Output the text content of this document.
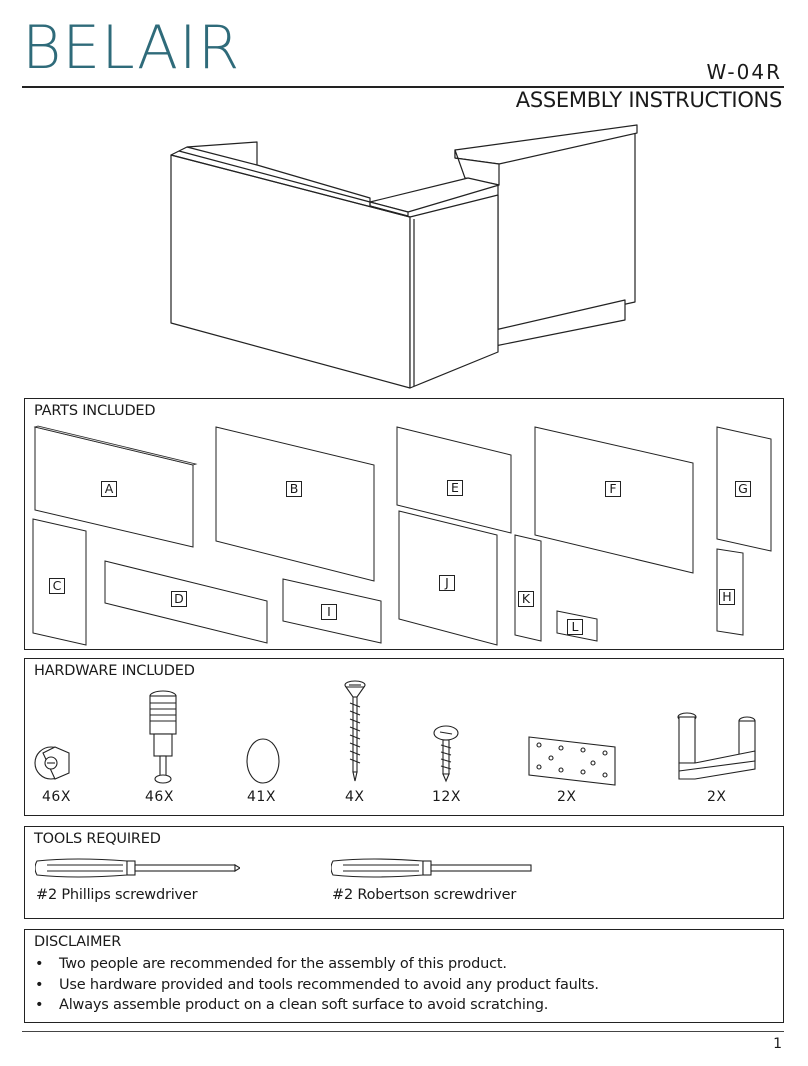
BELAIR	W-04R
ASSEMBLY INSTRUCTIONS
PARTS INCLUDED
A	B
C
D
E	F	G
I
J
K
L
H
HARDWARE INCLUDED
46X	46X	41X	4X	12X	2X	2X
TOOLS REQUIRED
#2 Phillips screwdriver	#2 Robertson screwdriver
DISCLAIMER
• Two people are recommended for the assembly of this product.
• Use hardware provided and tools recommended to avoid any product faults.
• Always assemble product on a clean soft surface to avoid scratching.
1
